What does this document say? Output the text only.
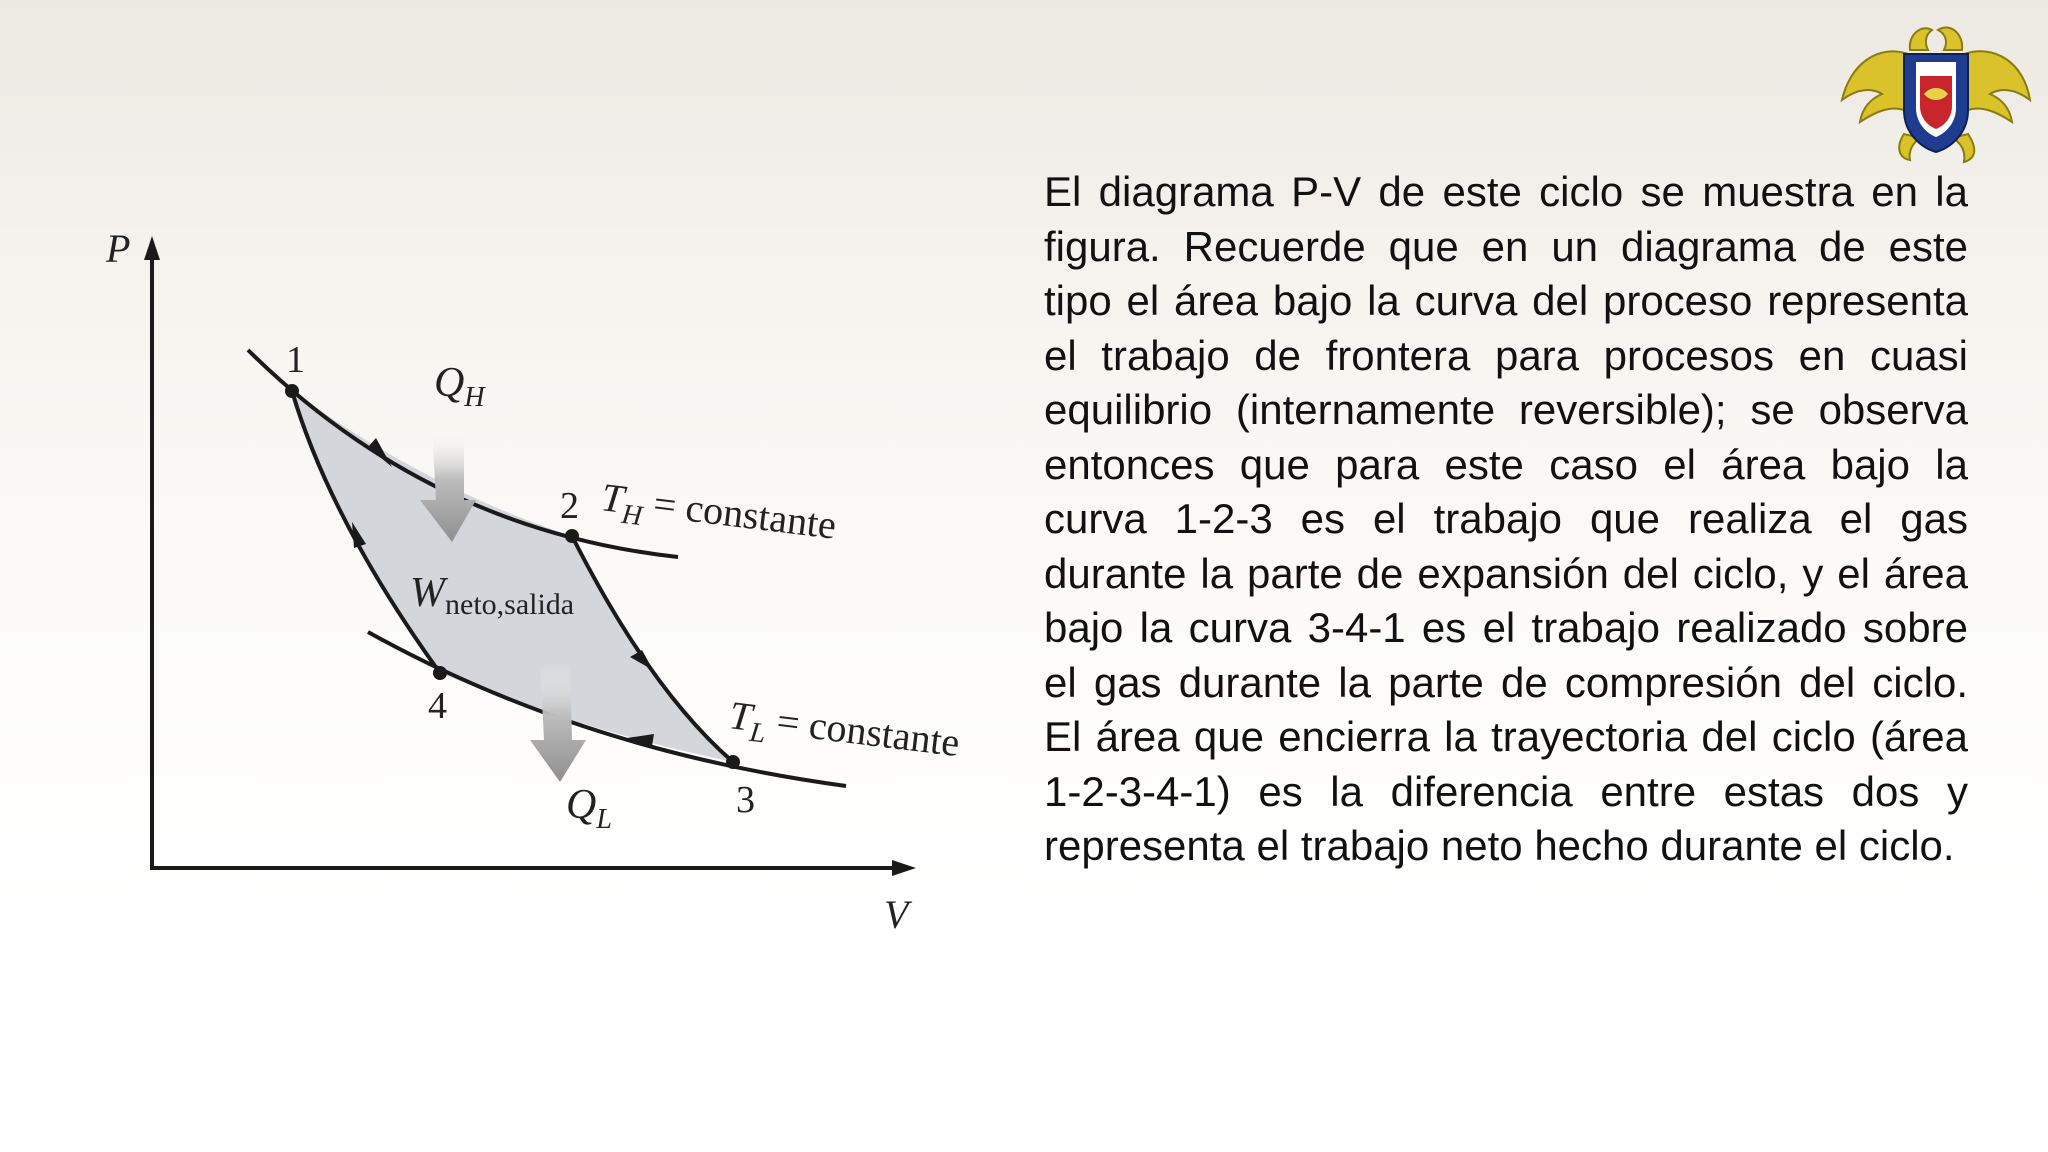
P
V
1
2
3
4
$Q_H$
$Q_L$
Wneto,salida
$T_H$ = constante
$T_L$ = constante

El diagrama P-V de este ciclo se muestra en la figura. Recuerde que en un diagrama de este tipo el área bajo la curva del proceso representa el trabajo de frontera para procesos en cuasi equilibrio (internamente reversible); se observa entonces que para este caso el área bajo la curva 1-2-3 es el trabajo que realiza el gas durante la parte de expansión del ciclo, y el área bajo la curva 3-4-1 es el trabajo realizado sobre el gas durante la parte de compresión del ciclo. El área que encierra la trayectoria del ciclo (área 1-2-3-4-1) es la diferencia entre estas dos y representa el trabajo neto hecho durante el ciclo.
